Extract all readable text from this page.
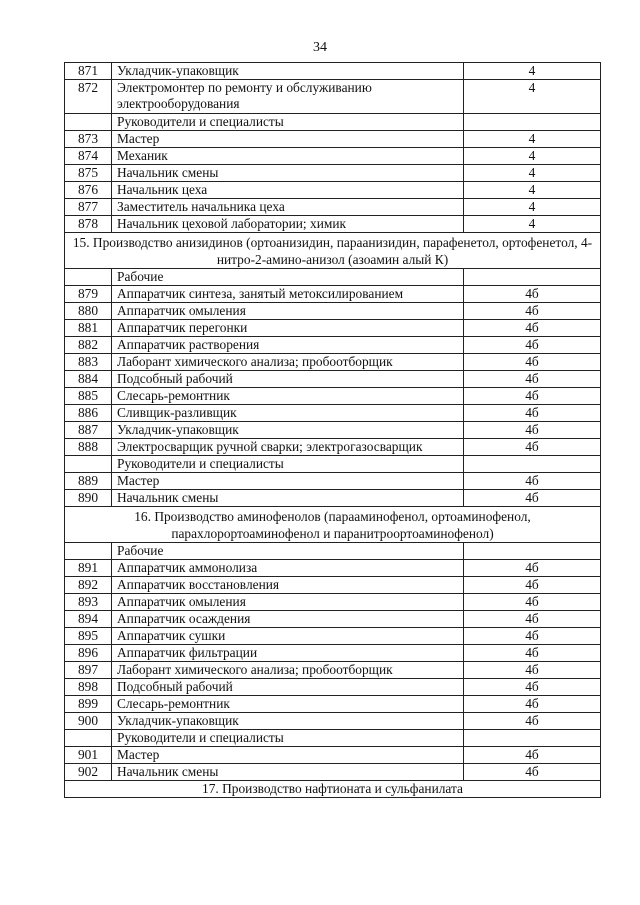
34
871	Укладчик-упаковщик	4
872	Электромонтер по ремонту и обслуживанию электрооборудования	4
	Руководители и специалисты	
873	Мастер	4
874	Механик	4
875	Начальник смены	4
876	Начальник цеха	4
877	Заместитель начальника цеха	4
878	Начальник цеховой лаборатории; химик	4
15. Производство анизидинов (ортоанизидин, параанизидин, парафенетол, ортофенетол, 4-нитро-2-амино-анизол (азоамин алый К)		
	Рабочие	
879	Аппаратчик синтеза, занятый метоксилированием	4б
880	Аппаратчик омыления	4б
881	Аппаратчик перегонки	4б
882	Аппаратчик растворения	4б
883	Лаборант химического анализа; пробоотборщик	4б
884	Подсобный рабочий	4б
885	Слесарь-ремонтник	4б
886	Сливщик-разливщик	4б
887	Укладчик-упаковщик	4б
888	Электросварщик ручной сварки; электрогазосварщик	4б
	Руководители и специалисты	
889	Мастер	4б
890	Начальник смены	4б
16. Производство аминофенолов (парааминофенол, ортоаминофенол, парахлорортоаминофенол и паранитроортоаминофенол)		
	Рабочие	
891	Аппаратчик аммонолиза	4б
892	Аппаратчик восстановления	4б
893	Аппаратчик омыления	4б
894	Аппаратчик осаждения	4б
895	Аппаратчик сушки	4б
896	Аппаратчик фильтрации	4б
897	Лаборант химического анализа; пробоотборщик	4б
898	Подсобный рабочий	4б
899	Слесарь-ремонтник	4б
900	Укладчик-упаковщик	4б
	Руководители и специалисты	
901	Мастер	4б
902	Начальник смены	4б
17. Производство нафтионата и сульфанилата		
